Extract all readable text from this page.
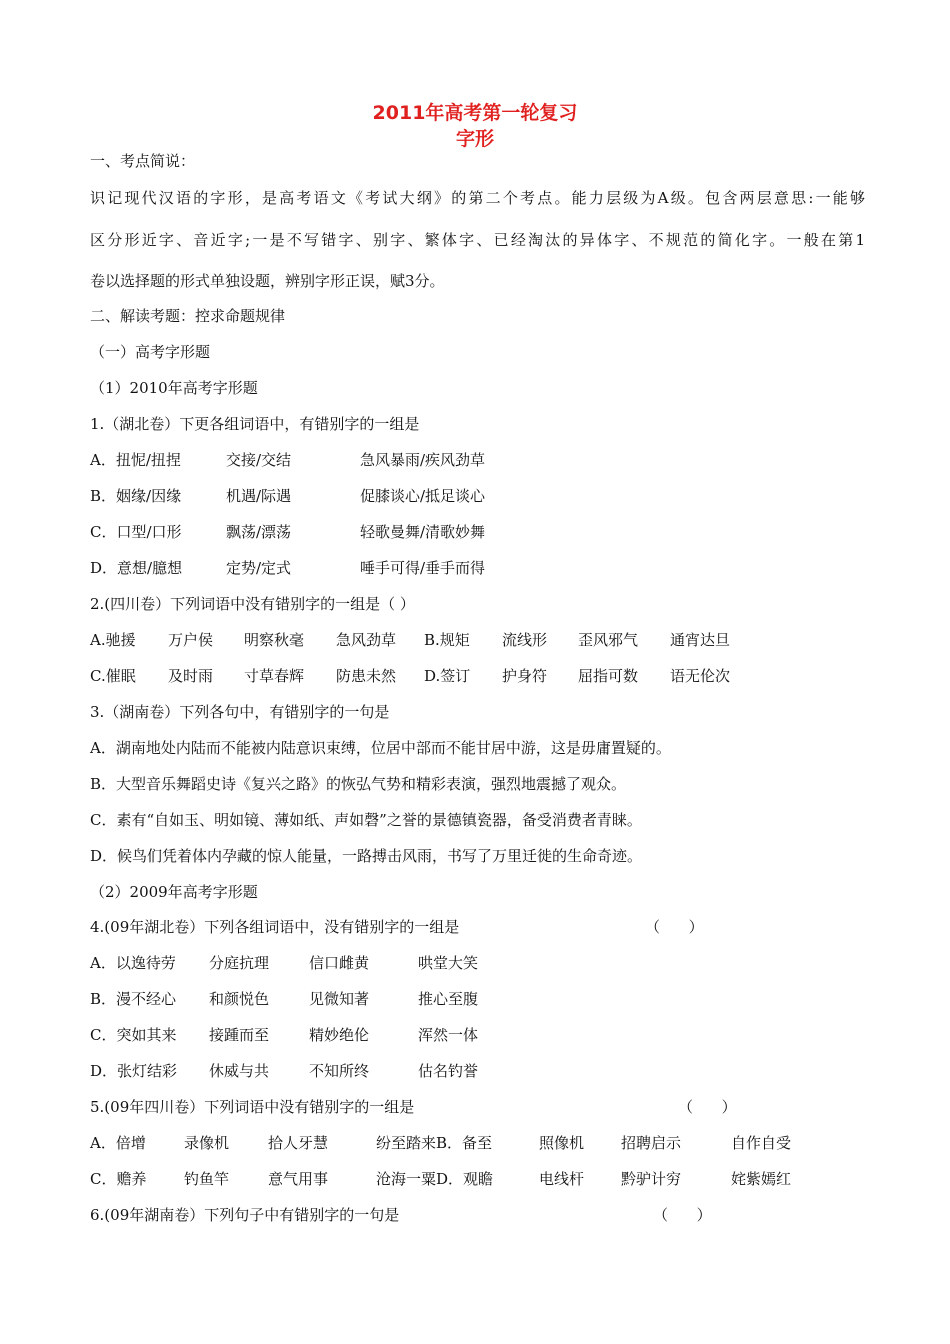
2011年高考第一轮复习
字形
一、考点简说：
识记现代汉语的字形，是高考语文《考试大纲》的第二个考点。能力层级为A级。包含两层意思:一能够
区分形近字、音近字;一是不写错字、别字、繁体字、已经淘汰的异体字、不规范的简化字。一般在第1
卷以选择题的形式单独设题，辨别字形正误，赋3分。
二、解读考题：控求命题规律
（一）高考字形题
（1）2010年高考字形题
1.（湖北卷）下更各组词语中，有错别字的一组是
A．扭怩/扭捏	交接/交结	急风暴雨/疾风劲草
B．姻缘/因缘	机遇/际遇	促膝谈心/抵足谈心
C．口型/口形	飘荡/漂荡	轻歌曼舞/清歌妙舞
D．意想/臆想	定势/定式	唾手可得/垂手而得
2.(四川卷）下列词语中没有错别字的一组是（ ）
A.驰援 万户侯 明察秋毫 急风劲草 B.规矩 流线形 歪风邪气 通宵达旦
C.催眠 及时雨 寸草春辉 防患未然 D.签订 护身符 屈指可数 语无伦次
3.（湖南卷）下列各句中，有错别字的一句是
A．湖南地处内陆而不能被内陆意识束缚，位居中部而不能甘居中游，这是毋庸置疑的。
B．大型音乐舞蹈史诗《复兴之路》的恢弘气势和精彩表演，强烈地震撼了观众。
C．素有“自如玉、明如镜、薄如纸、声如磬”之誉的景德镇瓷器，备受消费者青睐。
D．候鸟们凭着体内孕藏的惊人能量，一路搏击风雨，书写了万里迁徙的生命奇迹。
（2）2009年高考字形题
4.(09年湖北卷）下列各组词语中，没有错别字的一组是	（      ）
A．以逸待劳 分庭抗理	信口雌黄	哄堂大笑
B．漫不经心 和颜悦色	见微知著	推心至腹
C．突如其来 接踵而至	精妙绝伦	浑然一体
D．张灯结彩 休威与共	不知所终	估名钓誉
5.(09年四川卷）下列词语中没有错别字的一组是	（      ）
A．倍增	录像机	拾人牙慧	纷至踏来B．备至	照像机 招聘启示	自作自受
C．赡养	钓鱼竿	意气用事	沧海一粟D．观瞻	电线杆 黔驴计穷	姹紫嫣红
6.(09年湖南卷）下列句子中有错别字的一句是	（      ）
